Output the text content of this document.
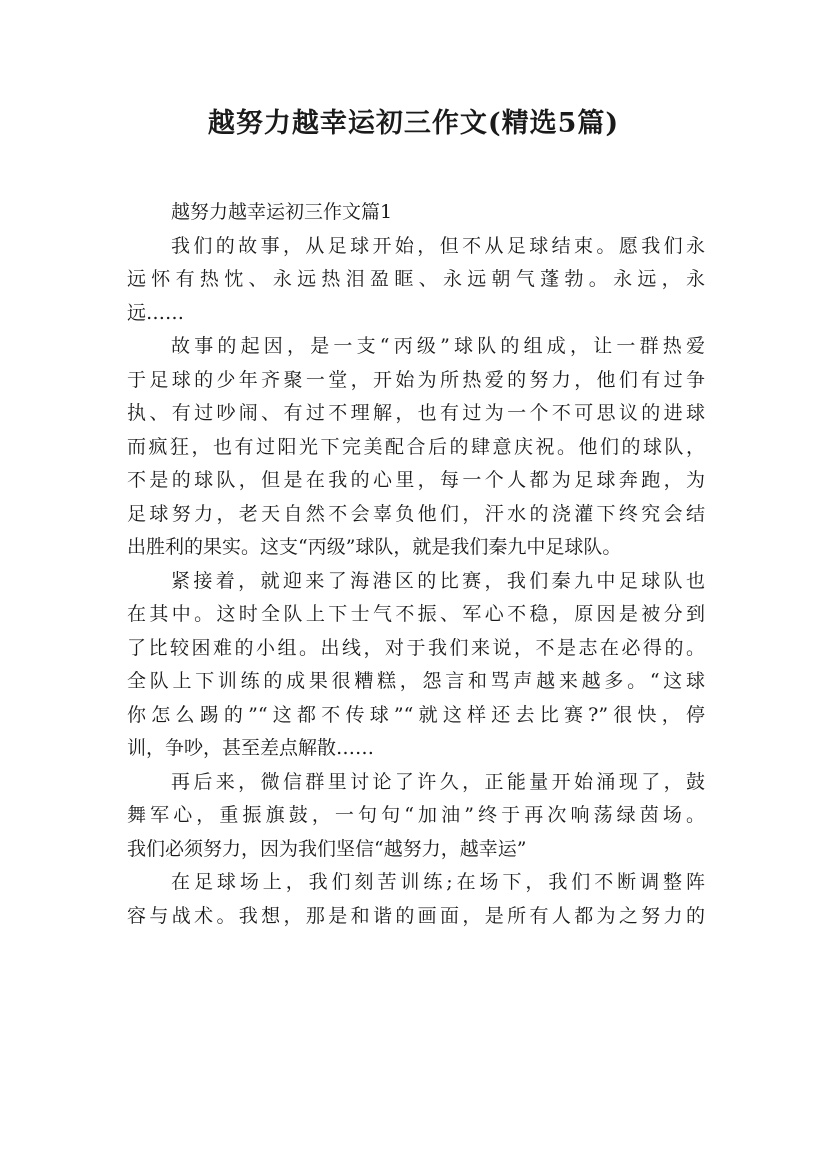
越努力越幸运初三作文(精选5篇)
越努力越幸运初三作文篇1
我们的故事，从足球开始，但不从足球结束。愿我们永
远怀有热忱、永远热泪盈眶、永远朝气蓬勃。永远，永
远……
故事的起因，是一支“丙级”球队的组成，让一群热爱
于足球的少年齐聚一堂，开始为所热爱的努力，他们有过争
执、有过吵闹、有过不理解，也有过为一个不可思议的进球
而疯狂，也有过阳光下完美配合后的肆意庆祝。他们的球队，
不是的球队，但是在我的心里，每一个人都为足球奔跑，为
足球努力，老天自然不会辜负他们，汗水的浇灌下终究会结
出胜利的果实。这支“丙级”球队，就是我们秦九中足球队。
紧接着，就迎来了海港区的比赛，我们秦九中足球队也
在其中。这时全队上下士气不振、军心不稳，原因是被分到
了比较困难的小组。出线，对于我们来说，不是志在必得的。
全队上下训练的成果很糟糕，怨言和骂声越来越多。“这球
你怎么踢的”“这都不传球”“就这样还去比赛?”很快，停
训，争吵，甚至差点解散……
再后来，微信群里讨论了许久，正能量开始涌现了，鼓
舞军心，重振旗鼓，一句句“加油”终于再次响荡绿茵场。
我们必须努力，因为我们坚信“越努力，越幸运”
在足球场上，我们刻苦训练;在场下，我们不断调整阵
容与战术。我想，那是和谐的画面，是所有人都为之努力的
